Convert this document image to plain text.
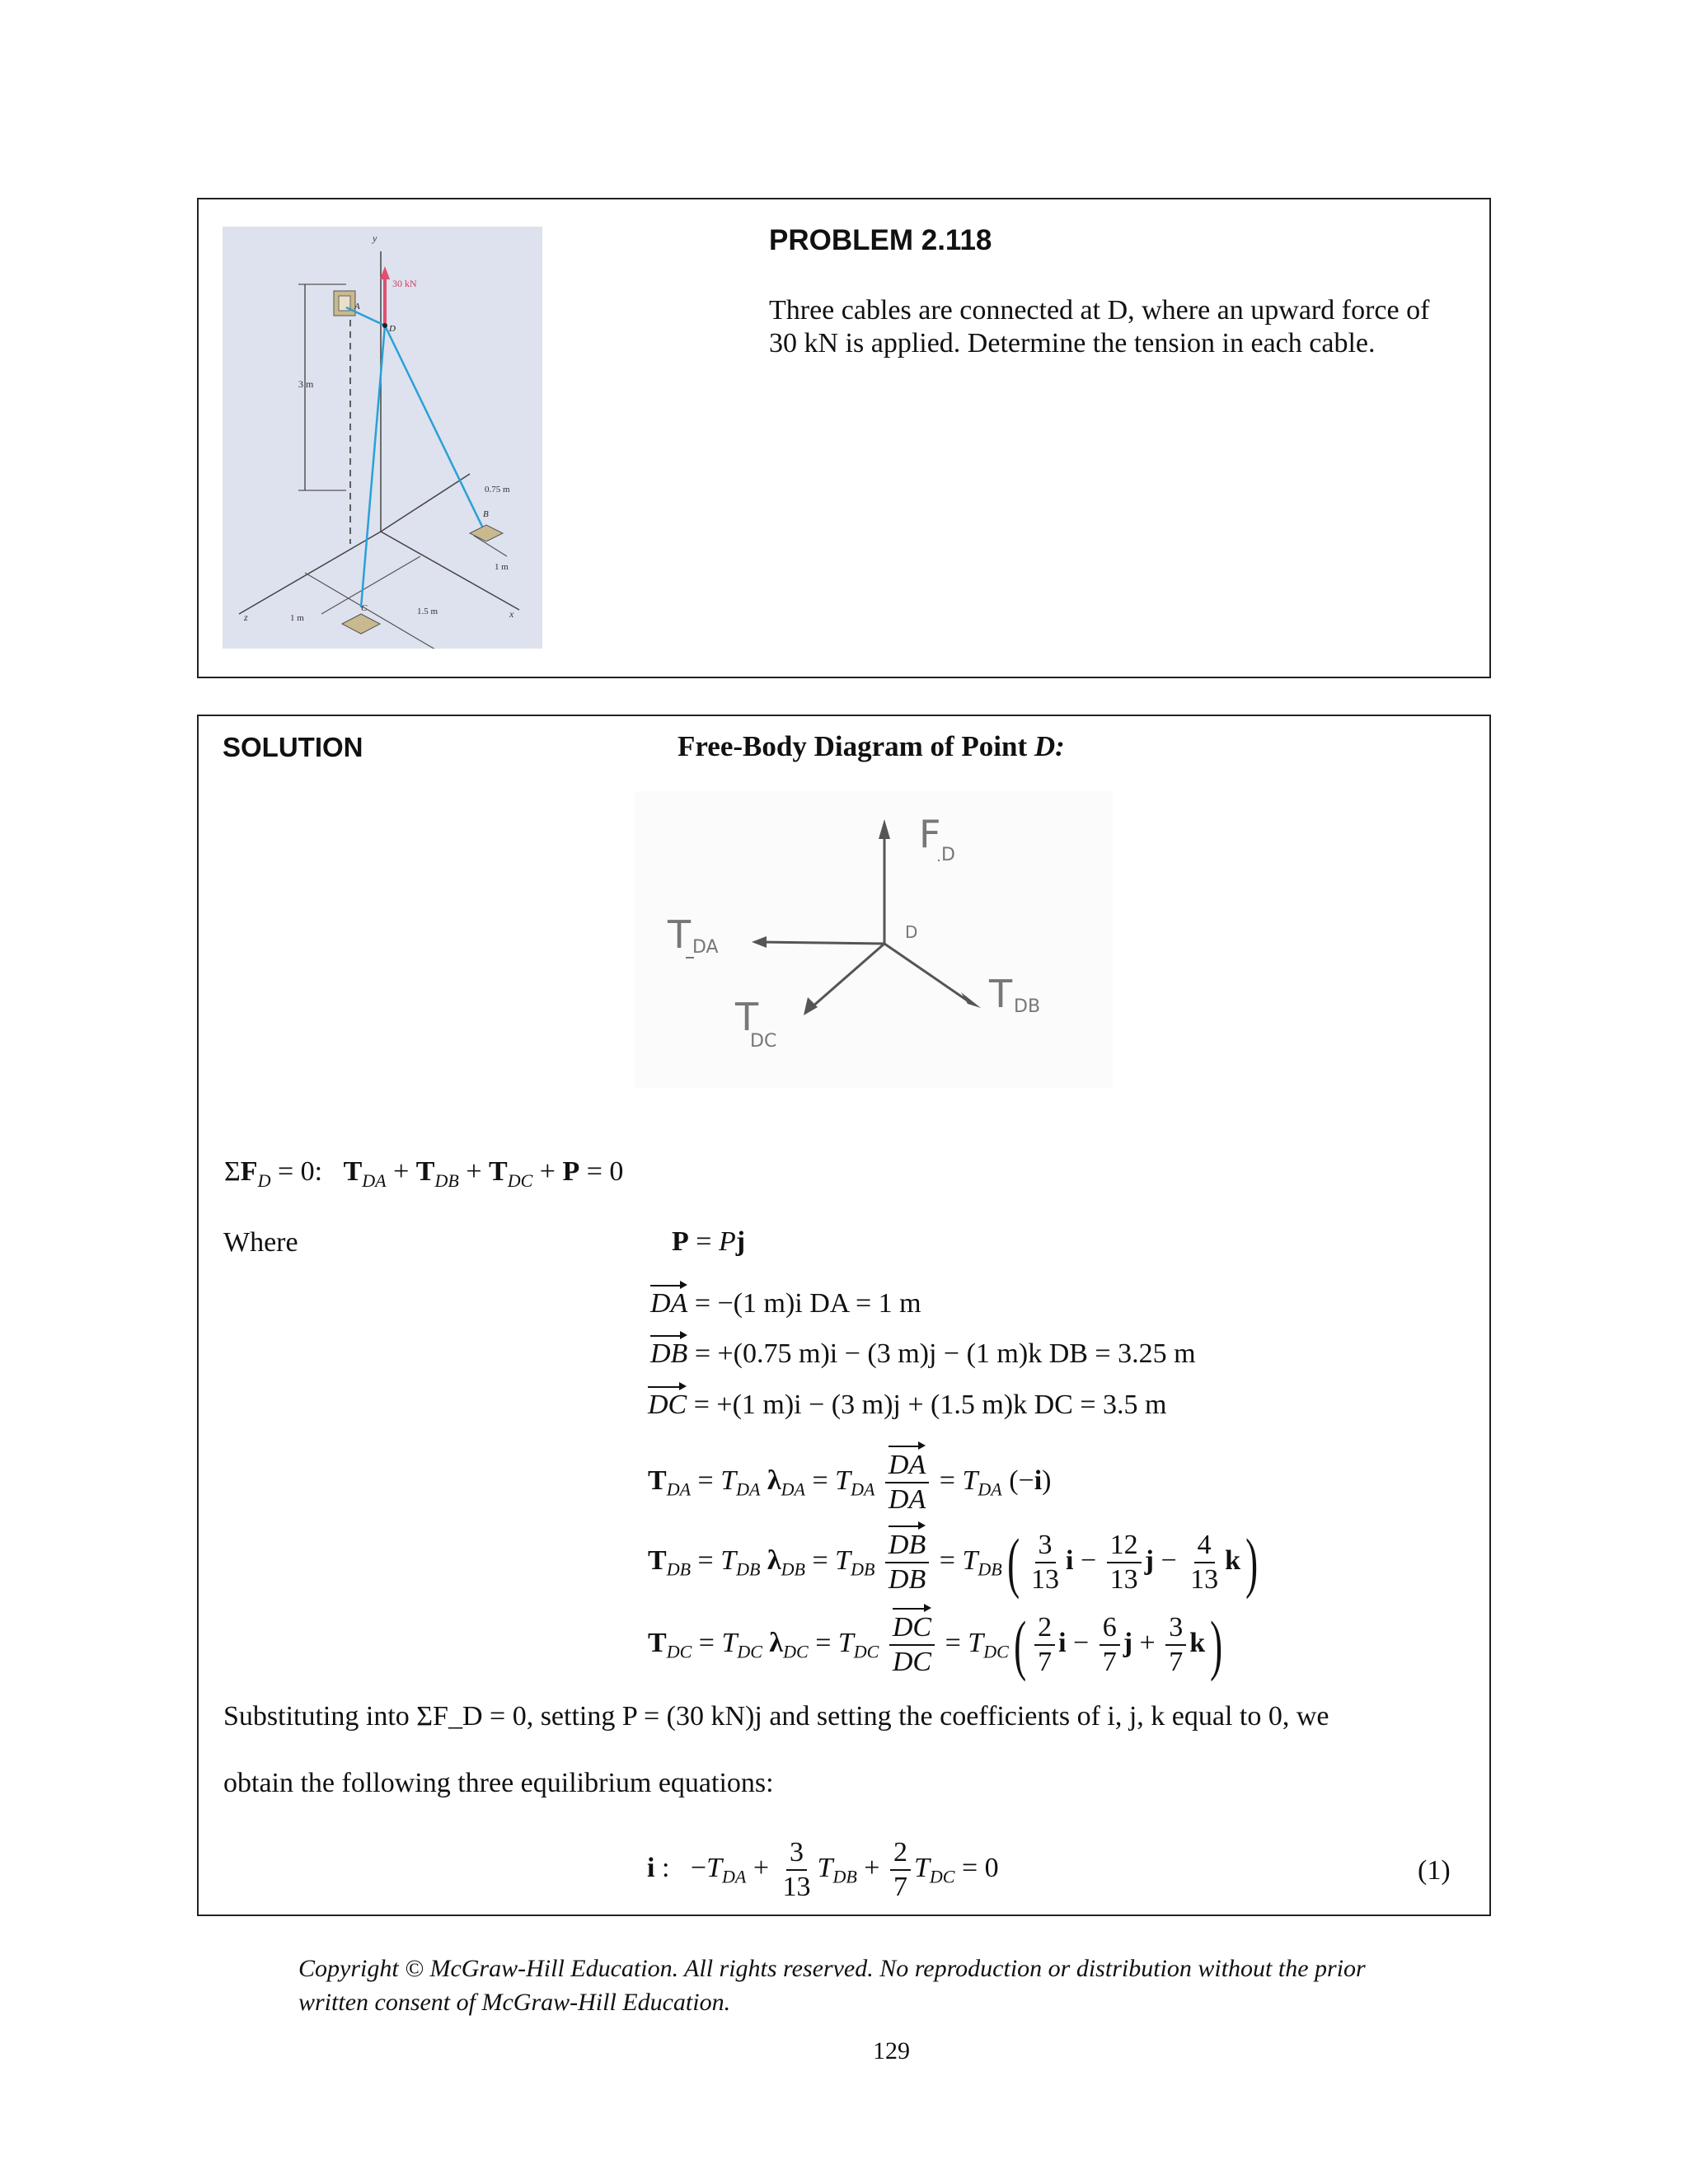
y
z	x
3 m
A
30 kN
D
B
0.75 m
1 m
C
1 m
1.5 m
PROBLEM 2.118
Three cables are connected at D, where an upward force of
30 kN is applied. Determine the tension in each cable.
SOLUTION	Free-Body Diagram of Point D:
F D
T DA
T DB
T
DC
D
$\Sigma F_D = 0$:   $T_{DA} + T_{DB} + T_{DC} + P = 0$
Where	P = Pj
DA = −(1 m)i DA = 1 m
DB = +(0.75 m)i − (3 m)j − (1 m)k DB = 3.25 m
DC = +(1 m)i − (3 m)j + (1.5 m)k DC = 3.5 m
$T_{DA} = T_{DA}$ $\lambda_{DA} = T_{DA} \frac{DA}{DA} = T_{DA}$ (−i)
$T_{DB} = T_{DB}$ $\lambda_{DB} = T_{DB} \frac{DB}{DB} = T_{DB}( \frac{3}{13}$ $i - \frac{12}{13}$ $j - \frac{4}{13} k$)
$T_{DC} = T_{DC}$ $\lambda_{DC} = T_{DC} \frac{DC}{DC} = T_{DC}( \frac{2}{7}$ $i - \frac{6}{7}$ $j + \frac{3}{7} k$)
Substituting into ΣF_D = 0, setting P = (30 kN)j and setting the coefficients of i, j, k equal to 0, we
obtain the following three equilibrium equations:
i :   $-T_{DA} + \frac{3}{13} T_{DB} + \frac{2}{7} T_{DC} = 0$	(1)
Copyright © McGraw-Hill Education. All rights reserved. No reproduction or distribution without the prior
written consent of McGraw-Hill Education.
129
